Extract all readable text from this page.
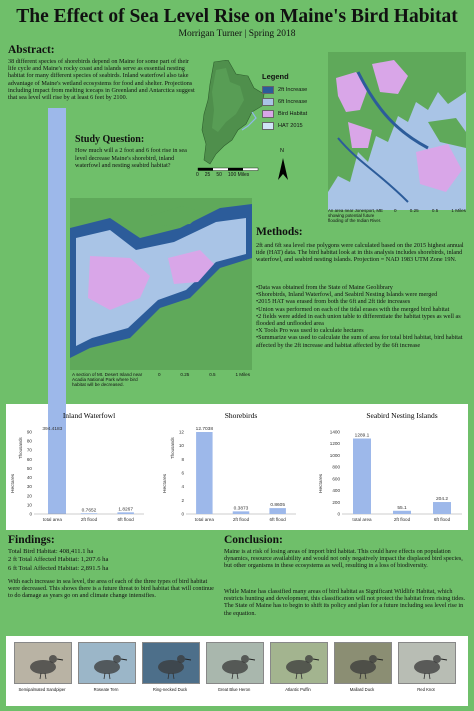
The Effect of Sea Level Rise on Maine's Bird Habitat
Morrigan Turner | Spring 2018
Abstract:
38 different species of shorebirds depend on Maine for some part of their life cycle and Maine's rocky coast and islands serve as essential nesting habitat for many different species of seabirds. Inland waterfowl also take advantage of Maine's wetland ecosystems for food and shelter. Projections including impact from melting icecaps in Greenland and Antarctica suggest that sea level will rise by at least 6 feet by 2100.
Study Question:
How much will a 2 foot and 6 foot rise in sea level decrease Maine's shorebird, inland waterfowl and nesting seabird habitat?
0 25 50 100 Miles
N
Legend
2ft Increase
6ft Increase
Bird Habitat
HAT 2015
An area near Jonesport, ME showing potential future flooding of the Indian River.
0	0.25	0.5	1 Miles
A section of Mt. Desert Island near Acadia National Park where bird habitat will be decreased.
0	0.25	0.5	1 Miles
Methods:
2ft and 6ft sea level rise polygons were calculated based on the 2015 highest annual tide (HAT) data. The bird habitat look at in this analysis includes shorebirds, inland waterfowl, and seabird nesting islands. Projection = NAD 1983 UTM Zone 19N.
•Data was obtained from the State of Maine Geolibrary
•Shorebirds, Inland Waterfowl, and Seabird Nesting Islands were merged
•2015 HAT was erased from both the 6ft and 2ft tide increases
•Union was performed on each of the tidal erases with the merged bird habitat
•2 fields were added in each union table to differentiate the habitat types as well as flooded and unflooded area
•X Tools Pro was used to calculate hectares
•Summarize was used to calculate the sum of area for total bird habitat, bird habitat affected by the 2ft increase and habitat affected by the 6ft increase
Inland Waterfowl
Hectares
Thousands
0
10
20
30
40
50
60
70
80
90 394.4183
total area
0.7652
2ft flood
1.8267
6ft flood
Shorebirds
Hectares
Thousands
0
2
4
6
8
10
12 12.7038
total area
0.3873
2ft flood
0.8605
6ft flood
Seabird Nesting Islands
Hectares
0
200
400
600
800
1000
1200
1400
1289.1
total area
55.1
2ft flood
204.2
6ft flood
Findings:
Total Bird Habitat: 408,411.1 ha
2 ft Total Affected Habitat: 1,207.6 ha
6 ft Total Affected Habitat: 2,891.5 ha
With each increase in sea level, the area of each of the three types of bird habitat were decreased. This shows there is a future threat to bird habitat that will continue to do damage as years go on and climate change intensifies.
Conclusion:
Maine is at risk of losing areas of import bird habitat. This could have effects on population dynamics, resource availability and would not only negatively impact the displaced bird species, but other organisms in these ecosystems as well, resulting in a loss of biodiversity.
While Maine has classified many areas of bird habitat as Significant Wildlife Habitat, which restricts hunting and development, this classification will not protect the habitat from rising tides. The State of Maine has to begin to shift its policy and plan for a future including sea level rise in the equation.
Semipalmated Sandpiper	Roseate Tern	Ring-necked Duck	Great Blue Heron	Atlantic Puffin	Mallard Duck	Red Knot
